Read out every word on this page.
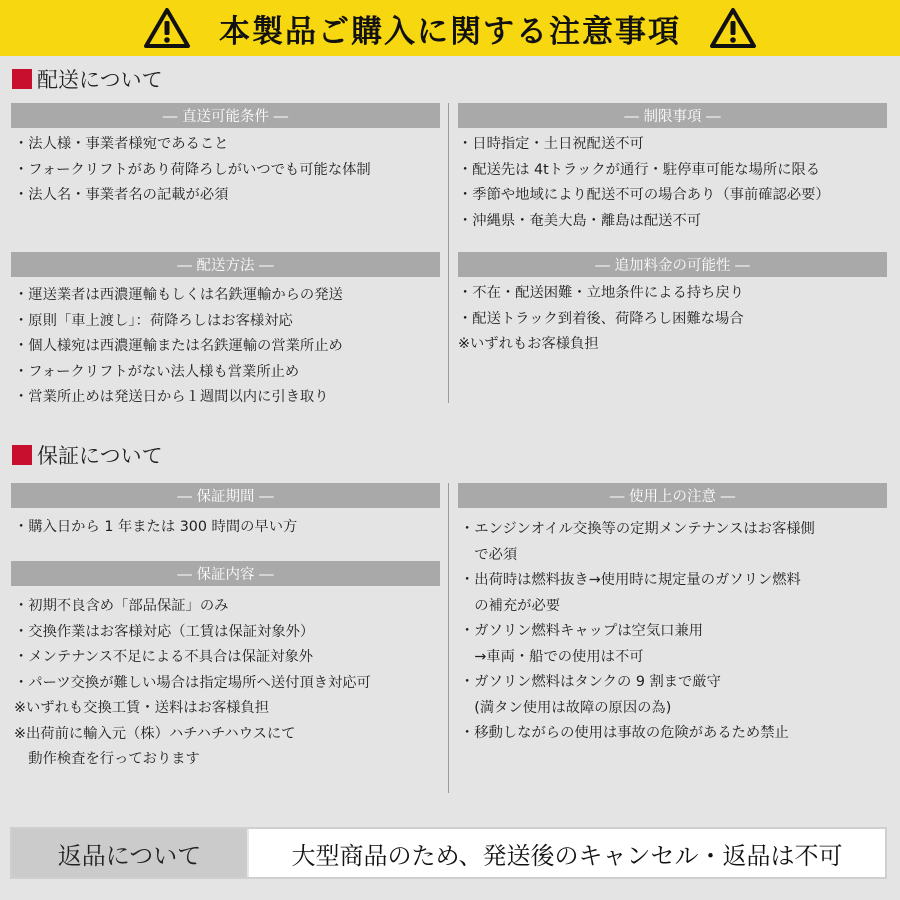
本製品ご購入に関する注意事項
配送について
― 直送可能条件 ―
・法人様・事業者様宛であること
・フォークリフトがあり荷降ろしがいつでも可能な体制
・法人名・事業者名の記載が必須
― 制限事項 ―
・日時指定・土日祝配送不可
・配送先は 4tトラックが通行・駐停車可能な場所に限る
・季節や地域により配送不可の場合あり（事前確認必要）
・沖縄県・奄美大島・離島は配送不可
― 配送方法 ―
・運送業者は西濃運輸もしくは名鉄運輸からの発送
・原則「車上渡し」：荷降ろしはお客様対応
・個人様宛は西濃運輸または名鉄運輸の営業所止め
・フォークリフトがない法人様も営業所止め
・営業所止めは発送日から１週間以内に引き取り
― 追加料金の可能性 ―
・不在・配送困難・立地条件による持ち戻り
・配送トラック到着後、荷降ろし困難な場合
※いずれもお客様負担
保証について
― 保証期間 ―
・購入日から 1 年または 300 時間の早い方
― 保証内容 ―
・初期不良含め「部品保証」のみ
・交換作業はお客様対応（工賃は保証対象外）
・メンテナンス不足による不具合は保証対象外
・パーツ交換が難しい場合は指定場所へ送付頂き対応可
※いずれも交換工賃・送料はお客様負担
※出荷前に輸入元（株）ハチハチハウスにて
　動作検査を行っております
― 使用上の注意 ―
・エンジンオイル交換等の定期メンテナンスはお客様側
　で必須
・出荷時は燃料抜き→使用時に規定量のガソリン燃料
　の補充が必要
・ガソリン燃料キャップは空気口兼用
　→車両・船での使用は不可
・ガソリン燃料はタンクの 9 割まで厳守
　(満タン使用は故障の原因の為)
・移動しながらの使用は事故の危険があるため禁止
返品について	大型商品のため、発送後のキャンセル・返品は不可
